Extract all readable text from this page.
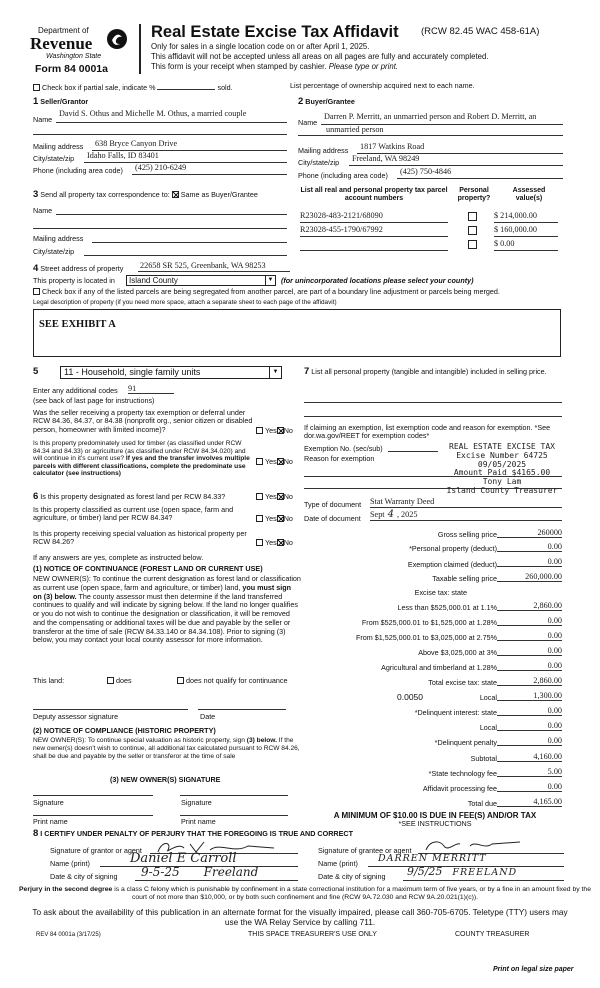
Department of
Revenue
Washington State
Form 84 0001a
Real Estate Excise Tax Affidavit (RCW 82.45 WAC 458-61A)
Only for sales in a single location code on or after April 1, 2025.
This affidavit will not be accepted unless all areas on all pages are fully and accurately completed.
This form is your receipt when stamped by cashier. Please type or print.
Check box if partial sale, indicate %	sold.	List percentage of ownership acquired next to each name.
1 Seller/Grantor
Name
David S. Othus and Michelle M. Othus, a married couple
Mailing address	638 Bryce Canyon Drive
City/state/zip	Idaho Falls, ID 83401
Phone (including area code)	(425) 210-6249
2 Buyer/Grantee
Name
Darren P. Merritt, an unmarried person and Robert D. Merritt, an
unmarried person
Mailing address	1817 Watkins Road
City/state/zip	Freeland, WA 98249
Phone (including area code)	(425) 750-4846
3 Send all property tax correspondence to: Same as Buyer/Grantee
Name
Mailing address
City/state/zip
List all real and personal property tax parcel account numbers
Personal property?
Assessed value(s)
R23028-483-2121/68090	$ 214,000.00
R23028-455-1790/67992	$ 160,000.00
$ 0.00
4 Street address of property 22658 SR 525, Greenbank, WA 98253
This property is located in	Island County	▼ (for unincorporated locations please select your county)
Check box if any of the listed parcels are being segregated from another parcel, are part of a boundary line adjustment or parcels being merged.
Legal description of property (if you need more space, attach a separate sheet to each page of the affidavit)
SEE EXHIBIT A
5	11 - Household, single family units	▼
Enter any additional codes 91
(see back of last page for instructions)
Was the seller receiving a property tax exemption or deferral under RCW 84.36, 84.37, or 84.38 (nonprofit org., senior citizen or disabled person, homeowner with limited income)?	Yes No
Is this property predominately used for timber (as classified under RCW 84.34 and 84.33) or agriculture (as classified under RCW 84.34.020) and will continue in it's current use? If yes and the transfer involves multiple parcels with different classifications, complete the predominate use calculator (see instructions)
Yes No
6 Is this property designated as forest land per RCW 84.33?	Yes No
Is this property classified as current use (open space, farm and agriculture, or timber) land per RCW 84.34?	Yes No
Is this property receiving special valuation as historical property per RCW 84.26?	Yes No
If any answers are yes, complete as instructed below.
(1) NOTICE OF CONTINUANCE (FOREST LAND OR CURRENT USE)
NEW OWNER(S): To continue the current designation as forest land or classification as current use (open space, farm and agriculture, or timber) land, you must sign on (3) below. The county assessor must then determine if the land transferred continues to qualify and will indicate by signing below. If the land no longer qualifies or you do not wish to continue the designation or classification, it will be removed and the compensating or additional taxes will be due and payable by the seller or transferor at the time of sale (RCW 84.33.140 or 84.34.108). Prior to signing (3) below, you may contact your local county assessor for more information.
This land:	does	does not qualify for continuance
Deputy assessor signature	Date
(2) NOTICE OF COMPLIANCE (HISTORIC PROPERTY)
NEW OWNER(S): To continue special valuation as historic property, sign (3) below. If the new owner(s) doesn't wish to continue, all additional tax calculated pursuant to RCW 84.26, shall be due and payable by the seller or transferor at the time of sale
(3) NEW OWNER(S) SIGNATURE
Signature	Signature
Print name	Print name
7 List all personal property (tangible and intangible) included in selling price.
If claiming an exemption, list exemption code and reason for exemption. *See dor.wa.gov/REET for exemption codes*
Exemption No. (sec/sub)
Reason for exemption
REAL ESTATE EXCISE TAX
Excise Number 64725
09/05/2025
Amount Paid $4165.00
Tony Lam
Island County Treasurer
Type of document Stat Warranty Deed
Date of document Sept 4 , 2025
Gross selling price	260000
*Personal property (deduct)	0.00
Exemption claimed (deduct)	0.00
Taxable selling price	260,000.00
Excise tax: state
Less than $525,000.01 at 1.1%	2,860.00
From $525,000.01 to $1,525,000 at 1.28%	0.00
From $1,525,000.01 to $3,025,000 at 2.75%	0.00
Above $3,025,000 at 3%	0.00
Agricultural and timberland at 1.28%	0.00
Total excise tax: state	2,860.00
0.0050	Local	1,300.00
*Delinquent interest: state	0.00
Local	0.00
*Delinquent penalty	0.00
Subtotal	4,160.00
*State technology fee	5.00
Affidavit processing fee	0.00
Total due	4,165.00
A MINIMUM OF $10.00 IS DUE IN FEE(S) AND/OR TAX
*SEE INSTRUCTIONS
8 I CERTIFY UNDER PENALTY OF PERJURY THAT THE FOREGOING IS TRUE AND CORRECT
Signature of grantor or agent
Name (print)	Daniel E Carroll
Date & city of signing	9-5-25 Freeland
Signature of grantee or agent
Name (print)	DARREN MERRITT
Date & city of signing	9/5/25 FREELAND
Perjury in the second degree is a class C felony which is punishable by confinement in a state correctional institution for a maximum term of five years, or by a fine in an amount fixed by the court of not more than $10,000, or by both such confinement and fine (RCW 9A.72.030 and RCW 9A.20.021(1)(c)).
To ask about the availability of this publication in an alternate format for the visually impaired, please call 360-705-6705. Teletype (TTY) users may use the WA Relay Service by calling 711.
REV 84 0001a (3/17/25)	THIS SPACE TREASURER'S USE ONLY	COUNTY TREASURER
Print on legal size paper
